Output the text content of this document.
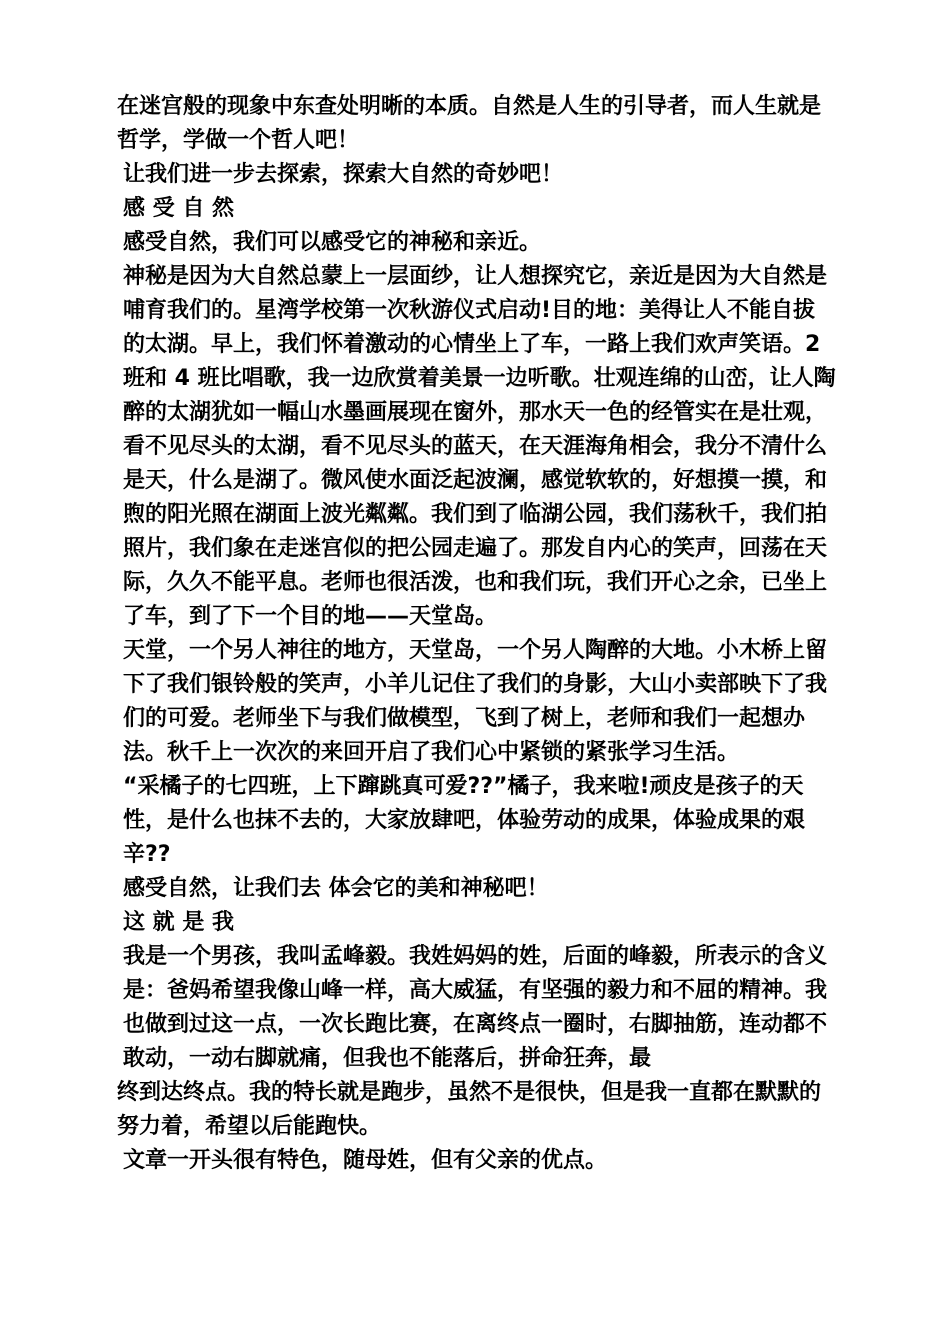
在迷宫般的现象中东查处明晰的本质。自然是人生的引导者，而人生就是哲学，学做一个哲人吧！

让我们进一步去探索，探索大自然的奇妙吧！

感 受 自 然

感受自然，我们可以感受它的神秘和亲近。

神秘是因为大自然总蒙上一层面纱，让人想探究它，亲近是因为大自然是哺育我们的。星湾学校第一次秋游仪式启动!目的地：美得让人不能自拔的太湖。早上，我们怀着激动的心情坐上了车，一路上我们欢声笑语。2 班和 4 班比唱歌，我一边欣赏着美景一边听歌。壮观连绵的山峦，让人陶醉的太湖犹如一幅山水墨画展现在窗外，那水天一色的经管实在是壮观，看不见尽头的太湖，看不见尽头的蓝天，在天涯海角相会，我分不清什么是天，什么是湖了。微风使水面泛起波澜，感觉软软的，好想摸一摸，和煦的阳光照在湖面上波光粼粼。我们到了临湖公园，我们荡秋千，我们拍照片，我们象在走迷宫似的把公园走遍了。那发自内心的笑声，回荡在天际，久久不能平息。老师也很活泼，也和我们玩，我们开心之余，已坐上了车，到了下一个目的地——天堂岛。

天堂，一个另人神往的地方，天堂岛，一个另人陶醉的大地。小木桥上留下了我们银铃般的笑声，小羊儿记住了我们的身影，大山小卖部映下了我们的可爱。老师坐下与我们做模型，飞到了树上，老师和我们一起想办法。秋千上一次次的来回开启了我们心中紧锁的紧张学习生活。

“采橘子的七四班，上下蹿跳真可爱??”橘子，我来啦!顽皮是孩子的天性，是什么也抹不去的，大家放肆吧，体验劳动的成果，体验成果的艰辛??

感受自然，让我们去 体会它的美和神秘吧！

这 就 是 我

我是一个男孩，我叫孟峰毅。我姓妈妈的姓，后面的峰毅，所表示的含义是：爸妈希望我像山峰一样，高大威猛，有坚强的毅力和不屈的精神。我也做到过这一点，一次长跑比赛，在离终点一圈时，右脚抽筋，连动都不敢动，一动右脚就痛，但我也不能落后，拼命狂奔，最

终到达终点。我的特长就是跑步，虽然不是很快，但是我一直都在默默的努力着，希望以后能跑快。

文章一开头很有特色，随母姓，但有父亲的优点。
